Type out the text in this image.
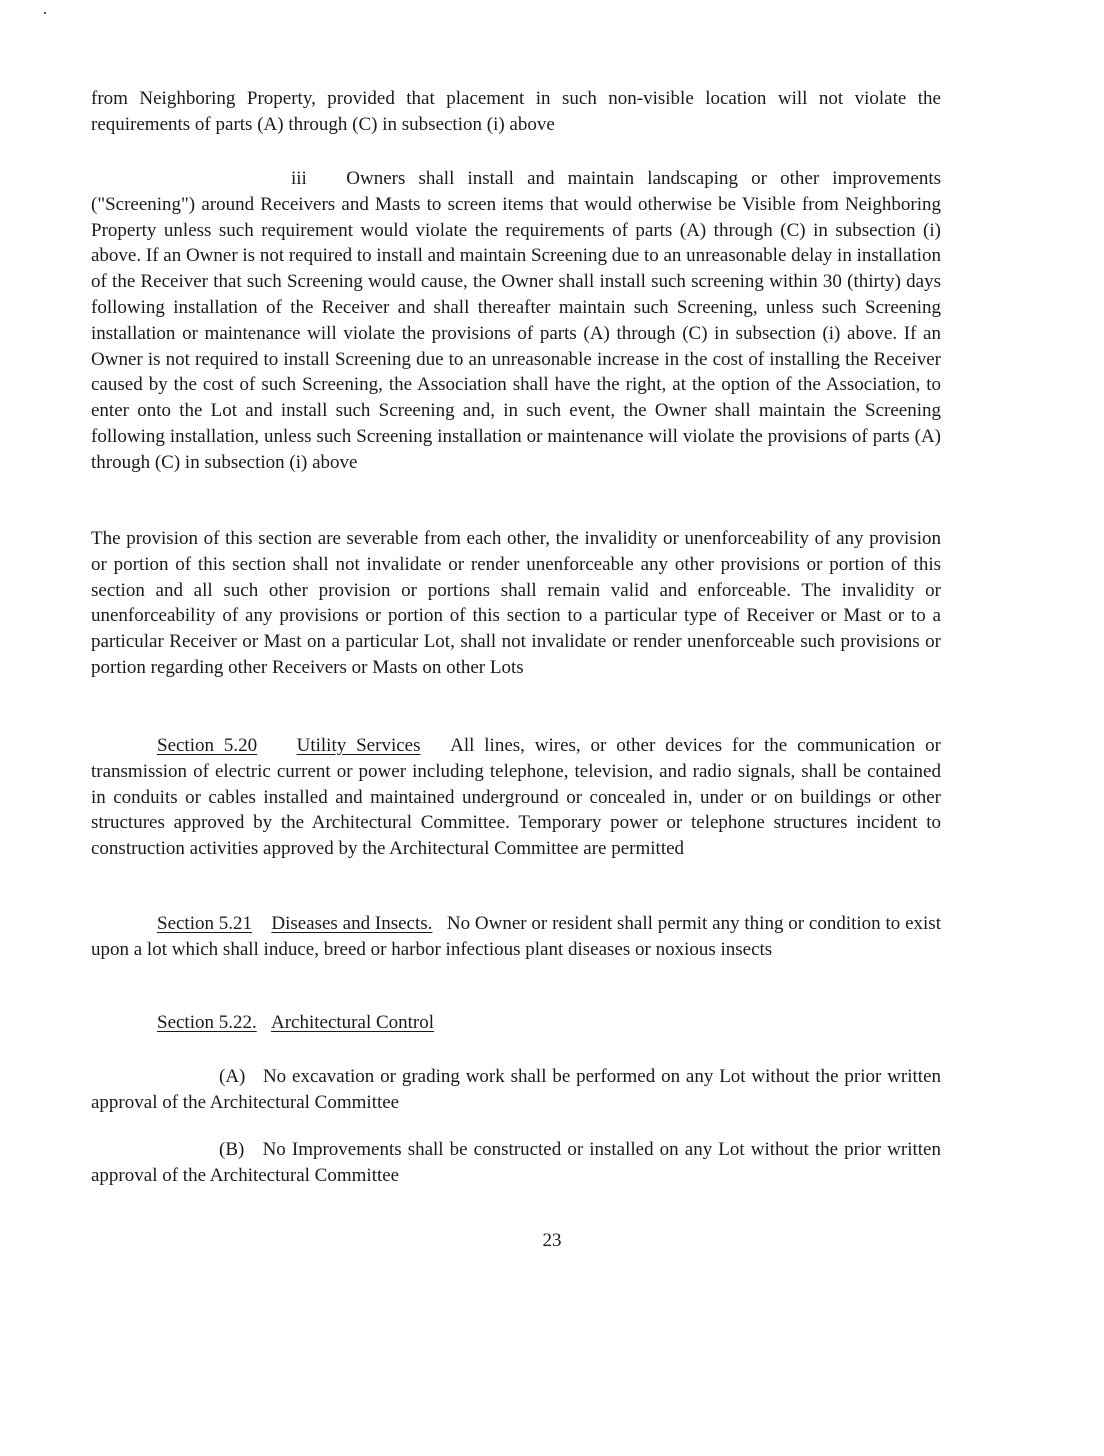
from Neighboring Property, provided that placement in such non-visible location will not violate the requirements of parts (A) through (C) in subsection (i) above

iii Owners shall install and maintain landscaping or other improvements ("Screening") around Receivers and Masts to screen items that would otherwise be Visible from Neighboring Property unless such requirement would violate the requirements of parts (A) through (C) in subsection (i) above. If an Owner is not required to install and maintain Screening due to an unreasonable delay in installation of the Receiver that such Screening would cause, the Owner shall install such screening within 30 (thirty) days following installation of the Receiver and shall thereafter maintain such Screening, unless such Screening installation or maintenance will violate the provisions of parts (A) through (C) in subsection (i) above. If an Owner is not required to install Screening due to an unreasonable increase in the cost of installing the Receiver caused by the cost of such Screening, the Association shall have the right, at the option of the Association, to enter onto the Lot and install such Screening and, in such event, the Owner shall maintain the Screening following installation, unless such Screening installation or maintenance will violate the provisions of parts (A) through (C) in subsection (i) above

The provision of this section are severable from each other, the invalidity or unenforceability of any provision or portion of this section shall not invalidate or render unenforceable any other provisions or portion of this section and all such other provision or portions shall remain valid and enforceable. The invalidity or unenforceability of any provisions or portion of this section to a particular type of Receiver or Mast or to a particular Receiver or Mast on a particular Lot, shall not invalidate or render unenforceable such provisions or portion regarding other Receivers or Masts on other Lots

Section 5.20 Utility Services All lines, wires, or other devices for the communication or transmission of electric current or power including telephone, television, and radio signals, shall be contained in conduits or cables installed and maintained underground or concealed in, under or on buildings or other structures approved by the Architectural Committee. Temporary power or telephone structures incident to construction activities approved by the Architectural Committee are permitted

Section 5.21 Diseases and Insects. No Owner or resident shall permit any thing or condition to exist upon a lot which shall induce, breed or harbor infectious plant diseases or noxious insects

Section 5.22. Architectural Control

(A) No excavation or grading work shall be performed on any Lot without the prior written approval of the Architectural Committee

(B) No Improvements shall be constructed or installed on any Lot without the prior written approval of the Architectural Committee

23
